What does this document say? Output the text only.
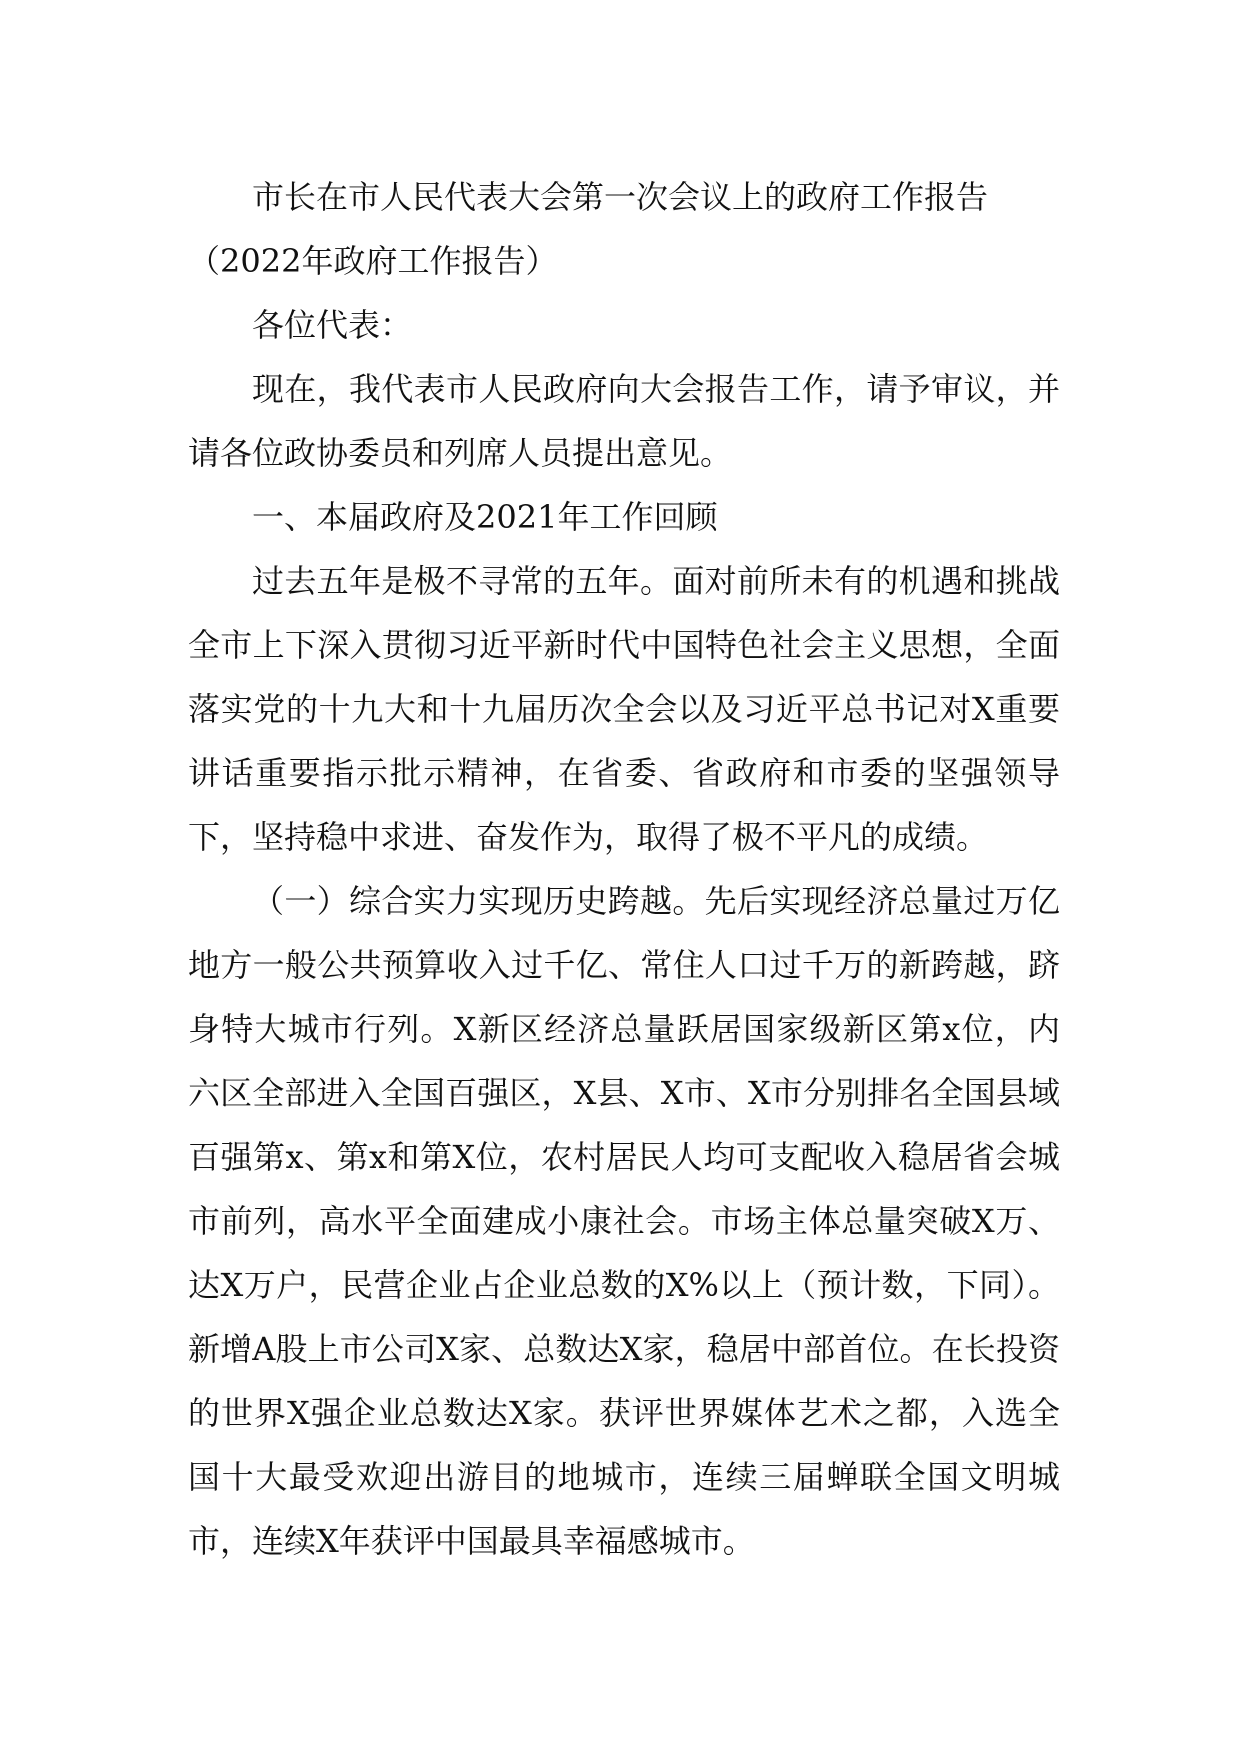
市长在市人民代表大会第一次会议上的政府工作报告

（2022年政府工作报告）

各位代表：

现在，我代表市人民政府向大会报告工作，请予审议，并请各位政协委员和列席人员提出意见。

一、本届政府及2021年工作回顾

过去五年是极不寻常的五年。面对前所未有的机遇和挑战全市上下深入贯彻习近平新时代中国特色社会主义思想，全面落实党的十九大和十九届历次全会以及习近平总书记对X重要讲话重要指示批示精神，在省委、省政府和市委的坚强领导下，坚持稳中求进、奋发作为，取得了极不平凡的成绩。

（一）综合实力实现历史跨越。先后实现经济总量过万亿地方一般公共预算收入过千亿、常住人口过千万的新跨越，跻身特大城市行列。X新区经济总量跃居国家级新区第x位，内六区全部进入全国百强区，X县、X市、X市分别排名全国县域百强第x、第x和第X位，农村居民人均可支配收入稳居省会城市前列，高水平全面建成小康社会。市场主体总量突破X万、达X万户，民营企业占企业总数的X%以上（预计数，下同）。新增A股上市公司X家、总数达X家，稳居中部首位。在长投资的世界X强企业总数达X家。获评世界媒体艺术之都，入选全国十大最受欢迎出游目的地城市，连续三届蝉联全国文明城市，连续X年获评中国最具幸福感城市。
